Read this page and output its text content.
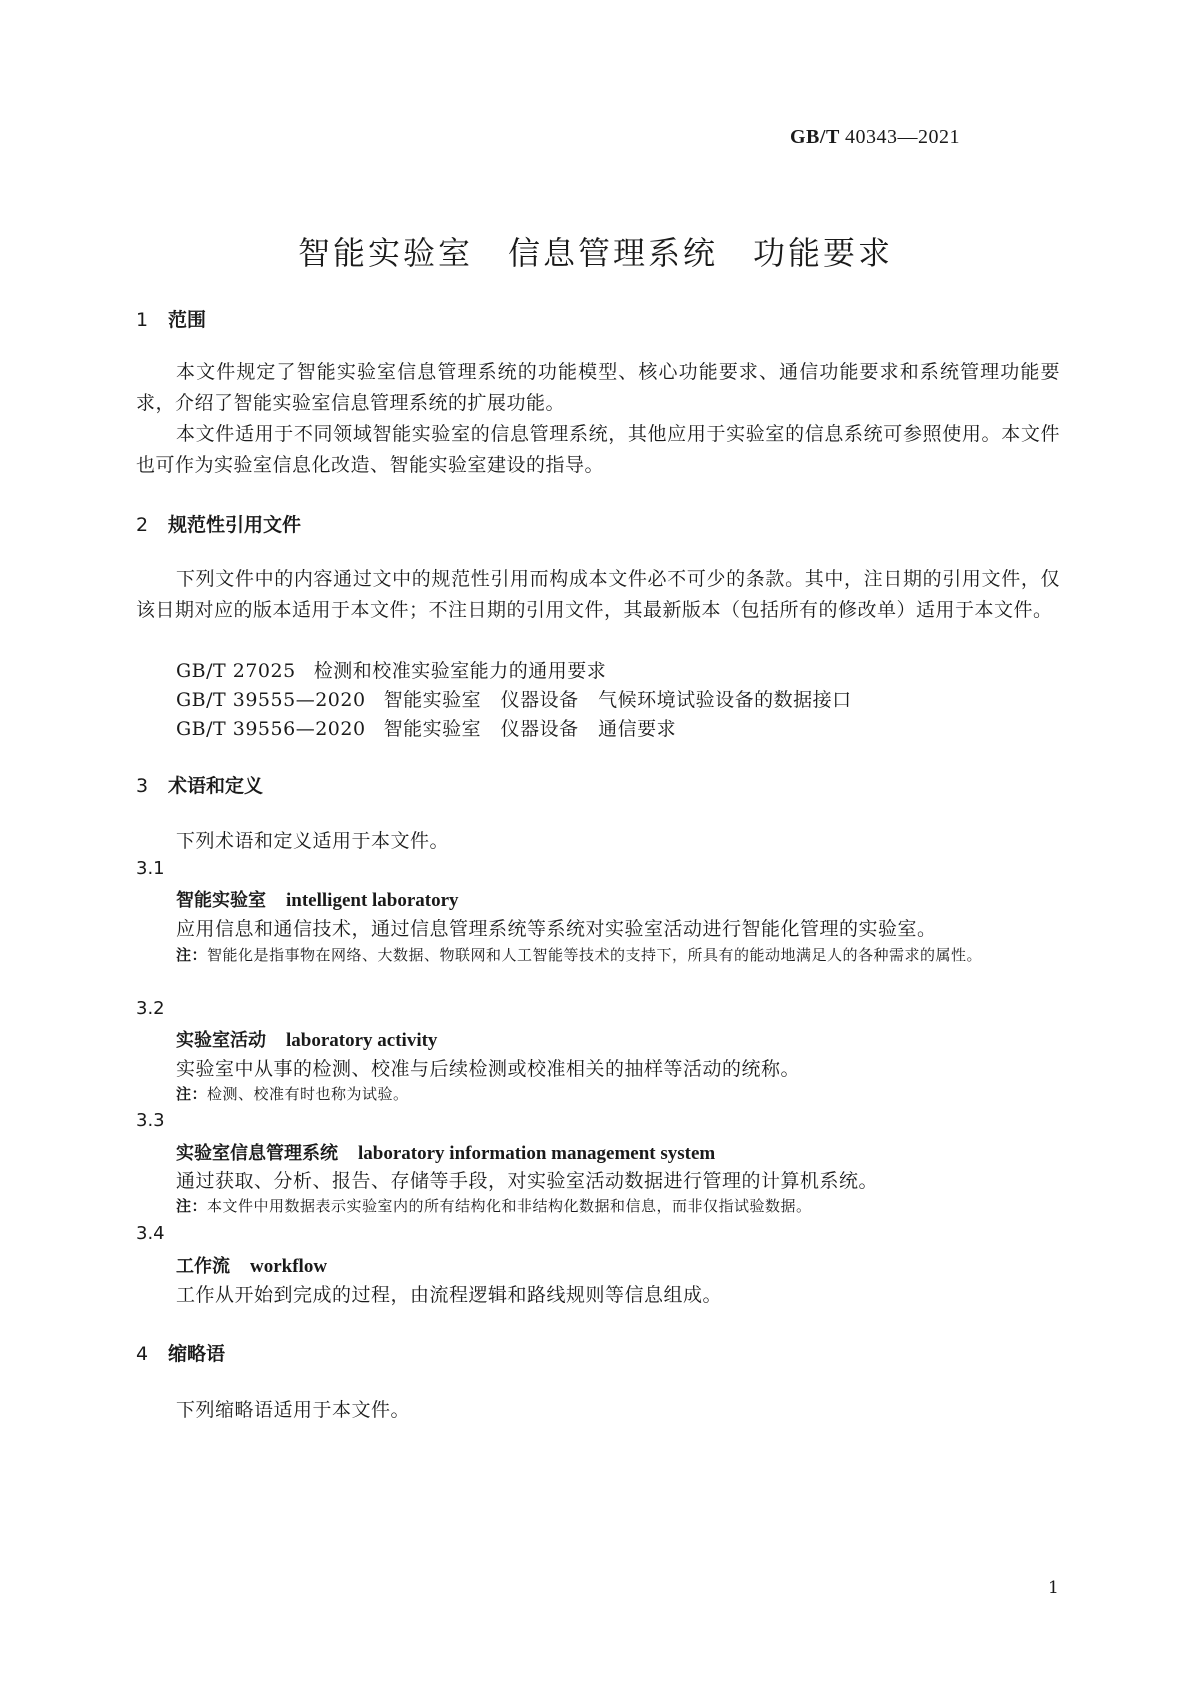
GB/T 40343—2021
智能实验室　信息管理系统　功能要求
1 范围
本文件规定了智能实验室信息管理系统的功能模型、核心功能要求、通信功能要求和系统管理功能要求，介绍了智能实验室信息管理系统的扩展功能。
本文件适用于不同领域智能实验室的信息管理系统，其他应用于实验室的信息系统可参照使用。本文件也可作为实验室信息化改造、智能实验室建设的指导。
2 规范性引用文件
下列文件中的内容通过文中的规范性引用而构成本文件必不可少的条款。其中，注日期的引用文件，仅该日期对应的版本适用于本文件；不注日期的引用文件，其最新版本（包括所有的修改单）适用于本文件。
GB/T 27025 检测和校准实验室能力的通用要求
GB/T 39555—2020 智能实验室　仪器设备　气候环境试验设备的数据接口
GB/T 39556—2020 智能实验室　仪器设备　通信要求
3 术语和定义
下列术语和定义适用于本文件。
3.1
智能实验室 intelligent laboratory
应用信息和通信技术，通过信息管理系统等系统对实验室活动进行智能化管理的实验室。
注：智能化是指事物在网络、大数据、物联网和人工智能等技术的支持下，所具有的能动地满足人的各种需求的属性。
3.2
实验室活动 laboratory activity
实验室中从事的检测、校准与后续检测或校准相关的抽样等活动的统称。
注：检测、校准有时也称为试验。
3.3
实验室信息管理系统 laboratory information management system
通过获取、分析、报告、存储等手段，对实验室活动数据进行管理的计算机系统。
注：本文件中用数据表示实验室内的所有结构化和非结构化数据和信息，而非仅指试验数据。
3.4
工作流 workflow
工作从开始到完成的过程，由流程逻辑和路线规则等信息组成。
4 缩略语
下列缩略语适用于本文件。
1
